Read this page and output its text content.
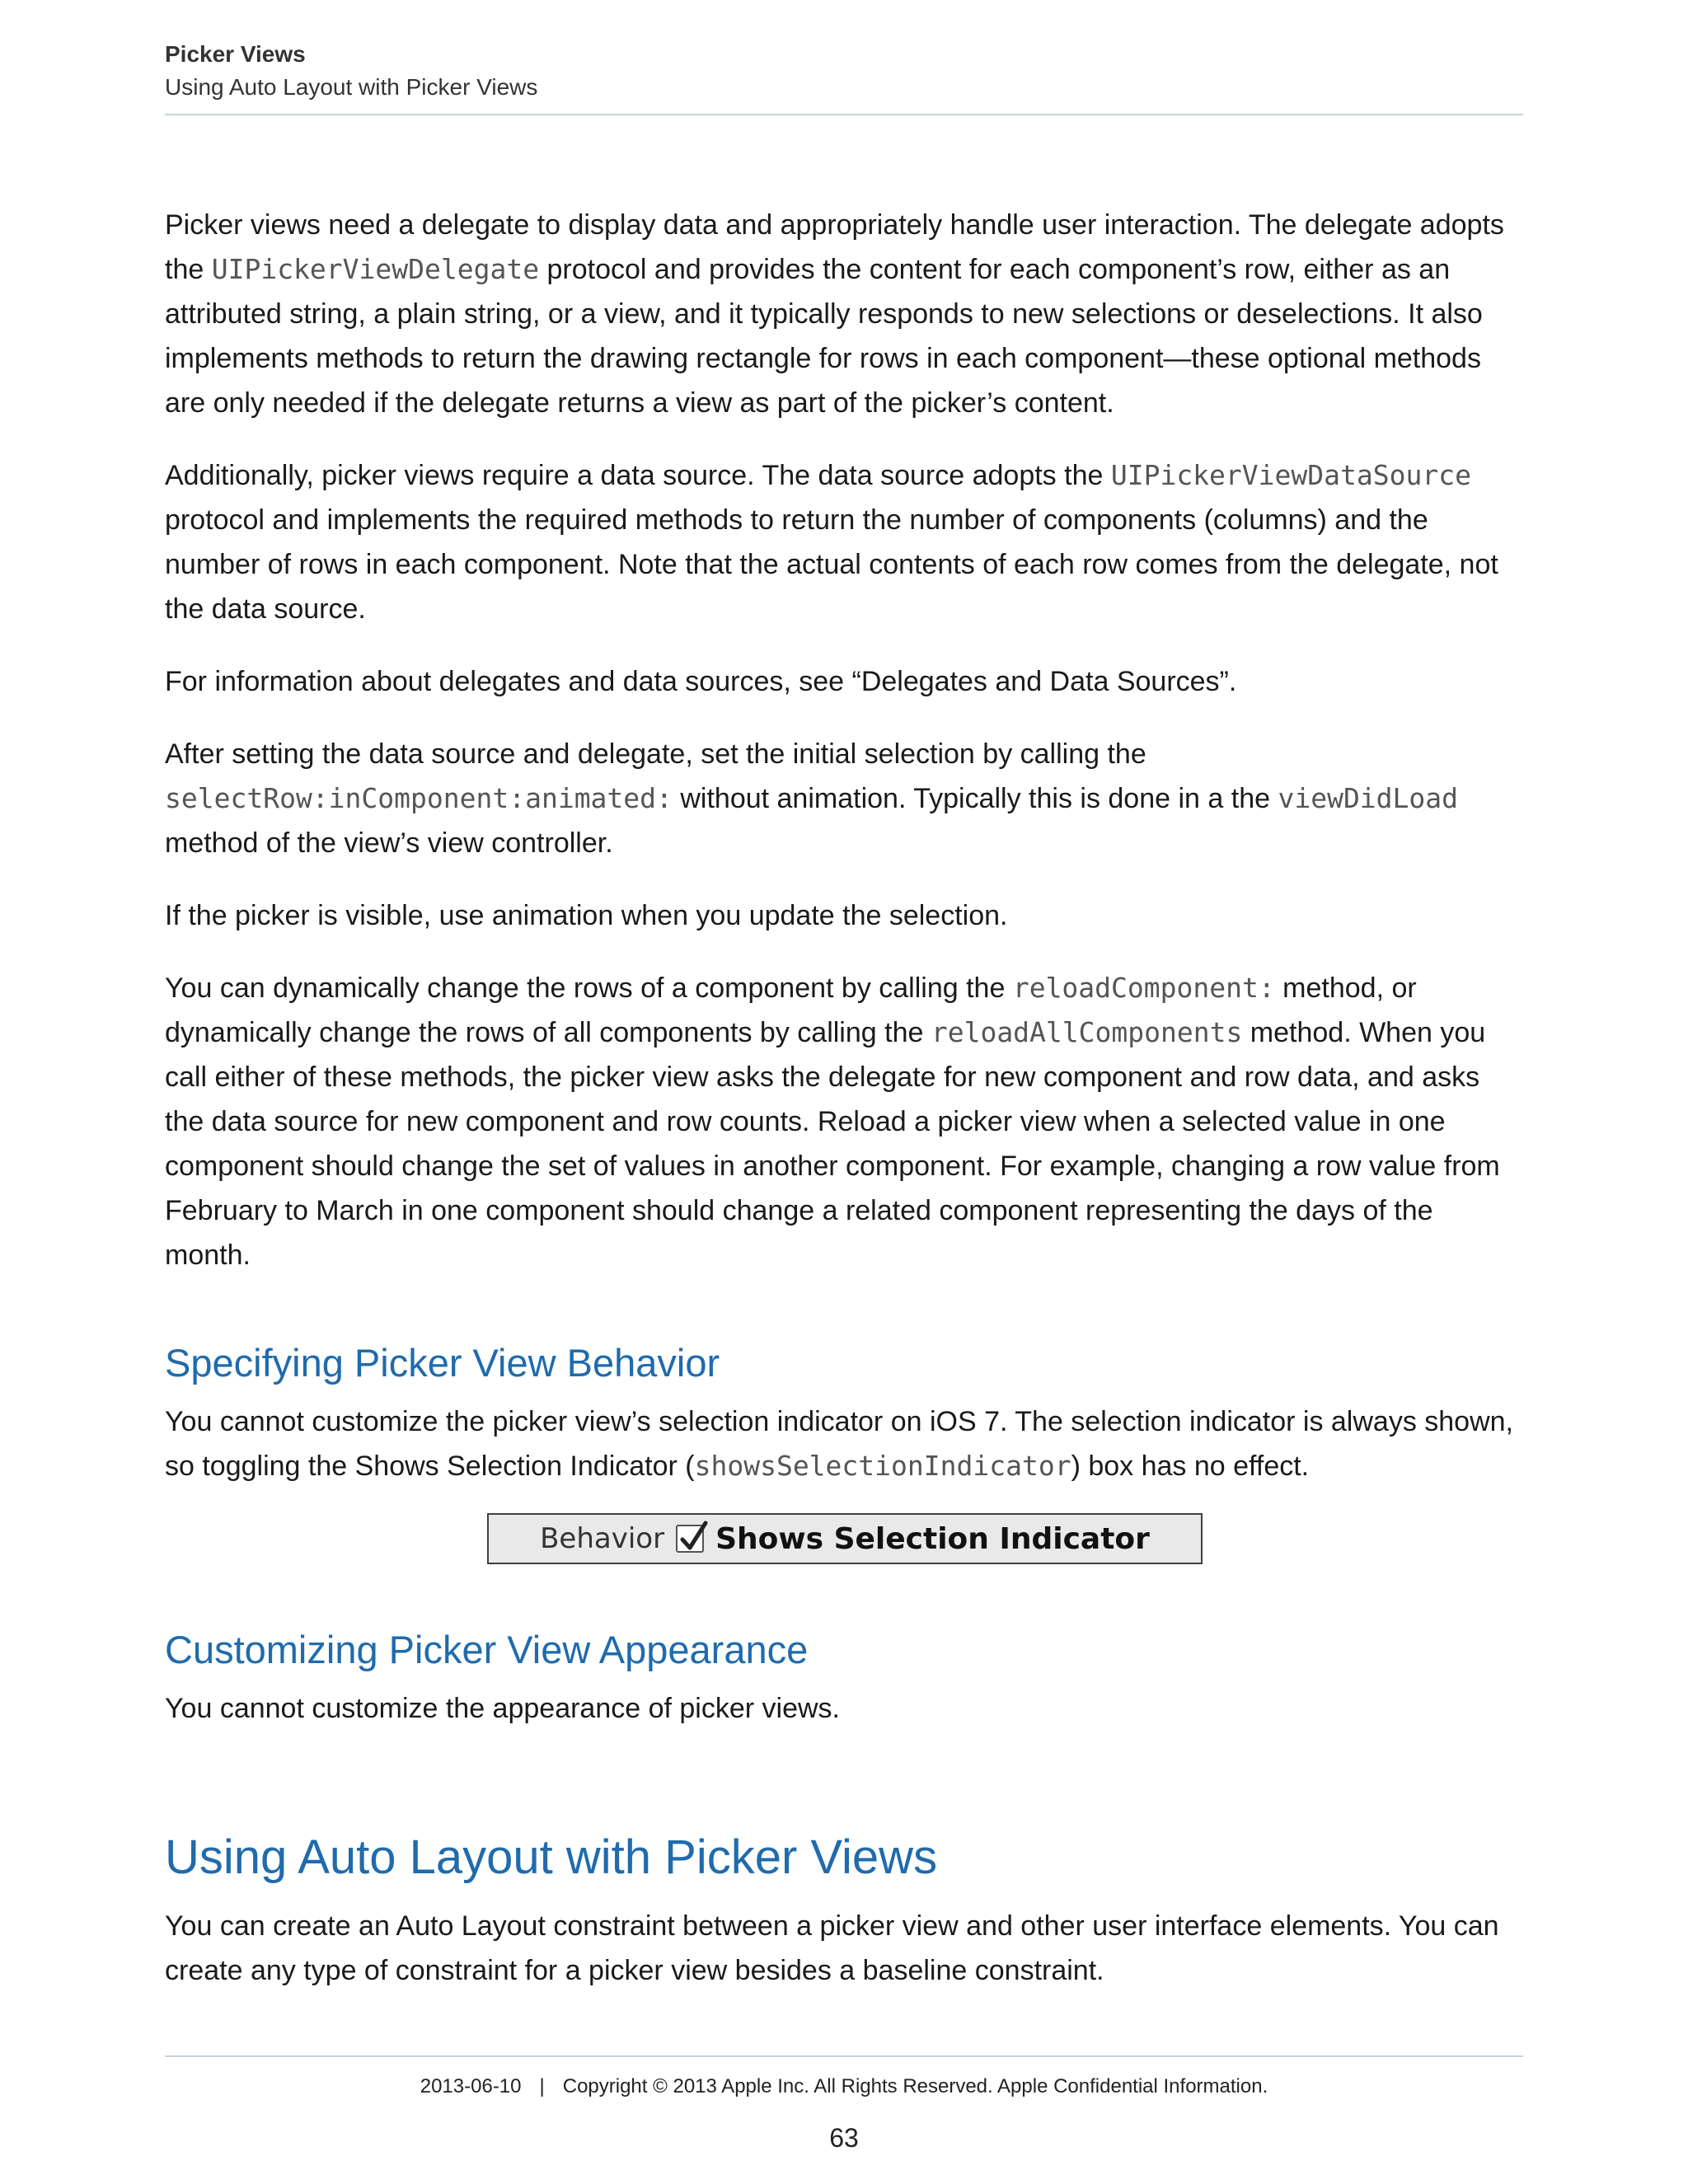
Picker Views
Using Auto Layout with Picker Views

Picker views need a delegate to display data and appropriately handle user interaction. The delegate adopts the UIPickerViewDelegate protocol and provides the content for each component’s row, either as an attributed string, a plain string, or a view, and it typically responds to new selections or deselections. It also implements methods to return the drawing rectangle for rows in each component—these optional methods are only needed if the delegate returns a view as part of the picker’s content.

Additionally, picker views require a data source. The data source adopts the UIPickerViewDataSource protocol and implements the required methods to return the number of components (columns) and the number of rows in each component. Note that the actual contents of each row comes from the delegate, not the data source.

For information about delegates and data sources, see “Delegates and Data Sources”.

After setting the data source and delegate, set the initial selection by calling the selectRow:inComponent:animated: without animation. Typically this is done in a the viewDidLoad method of the view’s view controller.

If the picker is visible, use animation when you update the selection.

You can dynamically change the rows of a component by calling the reloadComponent: method, or dynamically change the rows of all components by calling the reloadAllComponents method. When you call either of these methods, the picker view asks the delegate for new component and row data, and asks the data source for new component and row counts. Reload a picker view when a selected value in one component should change the set of values in another component. For example, changing a row value from February to March in one component should change a related component representing the days of the month.

Specifying Picker View Behavior

You cannot customize the picker view’s selection indicator on iOS 7. The selection indicator is always shown, so toggling the Shows Selection Indicator (showsSelectionIndicator) box has no effect.

Behavior Shows Selection Indicator
Customizing Picker View Appearance

You cannot customize the appearance of picker views.

Using Auto Layout with Picker Views

You can create an Auto Layout constraint between a picker view and other user interface elements. You can create any type of constraint for a picker view besides a baseline constraint.

2013-06-10 | Copyright © 2013 Apple Inc. All Rights Reserved. Apple Confidential Information.
63
